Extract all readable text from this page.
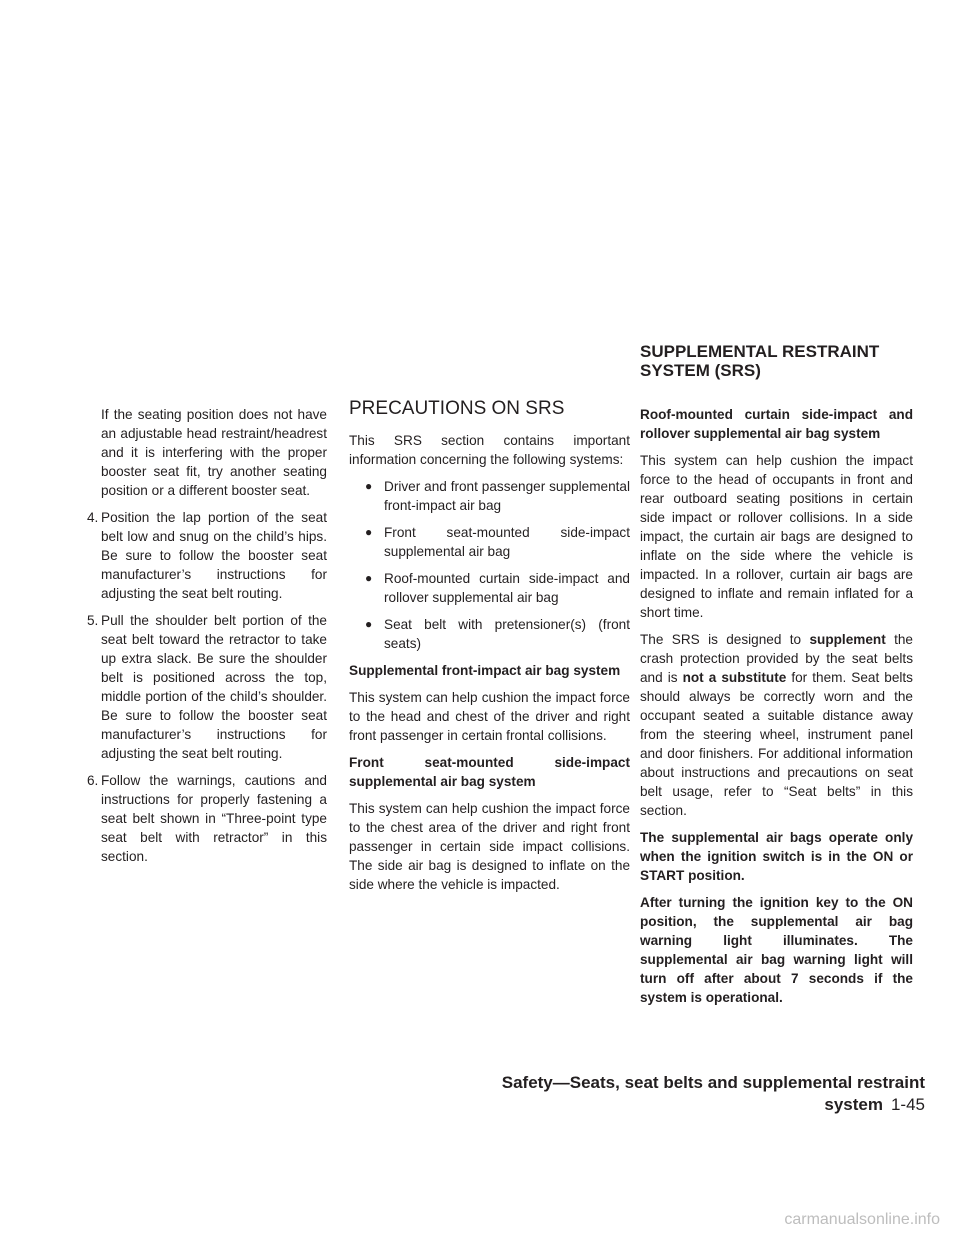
SUPPLEMENTAL RESTRAINT
SYSTEM (SRS)

If the seating position does not have an adjustable head restraint/headrest and it is interfering with the proper booster seat fit, try another seating position or a different booster seat.

4. Position the lap portion of the seat belt low and snug on the child’s hips. Be sure to follow the booster seat manufacturer’s instructions for adjusting the seat belt routing.
5. Pull the shoulder belt portion of the seat belt toward the retractor to take up extra slack. Be sure the shoulder belt is positioned across the top, middle portion of the child’s shoulder. Be sure to follow the booster seat manufacturer’s instructions for adjusting the seat belt routing.
6. Follow the warnings, cautions and instructions for properly fastening a seat belt shown in “Three-point type seat belt with retractor” in this section.
PRECAUTIONS ON SRS

This SRS section contains important information concerning the following systems:

● Driver and front passenger supplemental front-impact air bag
● Front seat-mounted side-impact supplemental air bag
● Roof-mounted curtain side-impact and rollover supplemental air bag
● Seat belt with pretensioner(s) (front seats)

Supplemental front-impact air bag system

This system can help cushion the impact force to the head and chest of the driver and right front passenger in certain frontal collisions.

Front seat-mounted side-impact supplemental air bag system

This system can help cushion the impact force to the chest area of the driver and right front passenger in certain side impact collisions. The side air bag is designed to inflate on the side where the vehicle is impacted.

Roof-mounted curtain side-impact and rollover supplemental air bag system

This system can help cushion the impact force to the head of occupants in front and rear outboard seating positions in certain side impact or rollover collisions. In a side impact, the curtain air bags are designed to inflate on the side where the vehicle is impacted. In a rollover, curtain air bags are designed to inflate and remain inflated for a short time.

The SRS is designed to supplement the crash protection provided by the seat belts and is not a substitute for them. Seat belts should always be correctly worn and the occupant seated a suitable distance away from the steering wheel, instrument panel and door finishers. For additional information about instructions and precautions on seat belt usage, refer to “Seat belts” in this section.

The supplemental air bags operate only when the ignition switch is in the ON or START position.

After turning the ignition key to the ON position, the supplemental air bag warning light illuminates. The supplemental air bag warning light will turn off after about 7 seconds if the system is operational.

Safety—Seats, seat belts and supplemental restraint system 1-45
carmanualsonline.info
